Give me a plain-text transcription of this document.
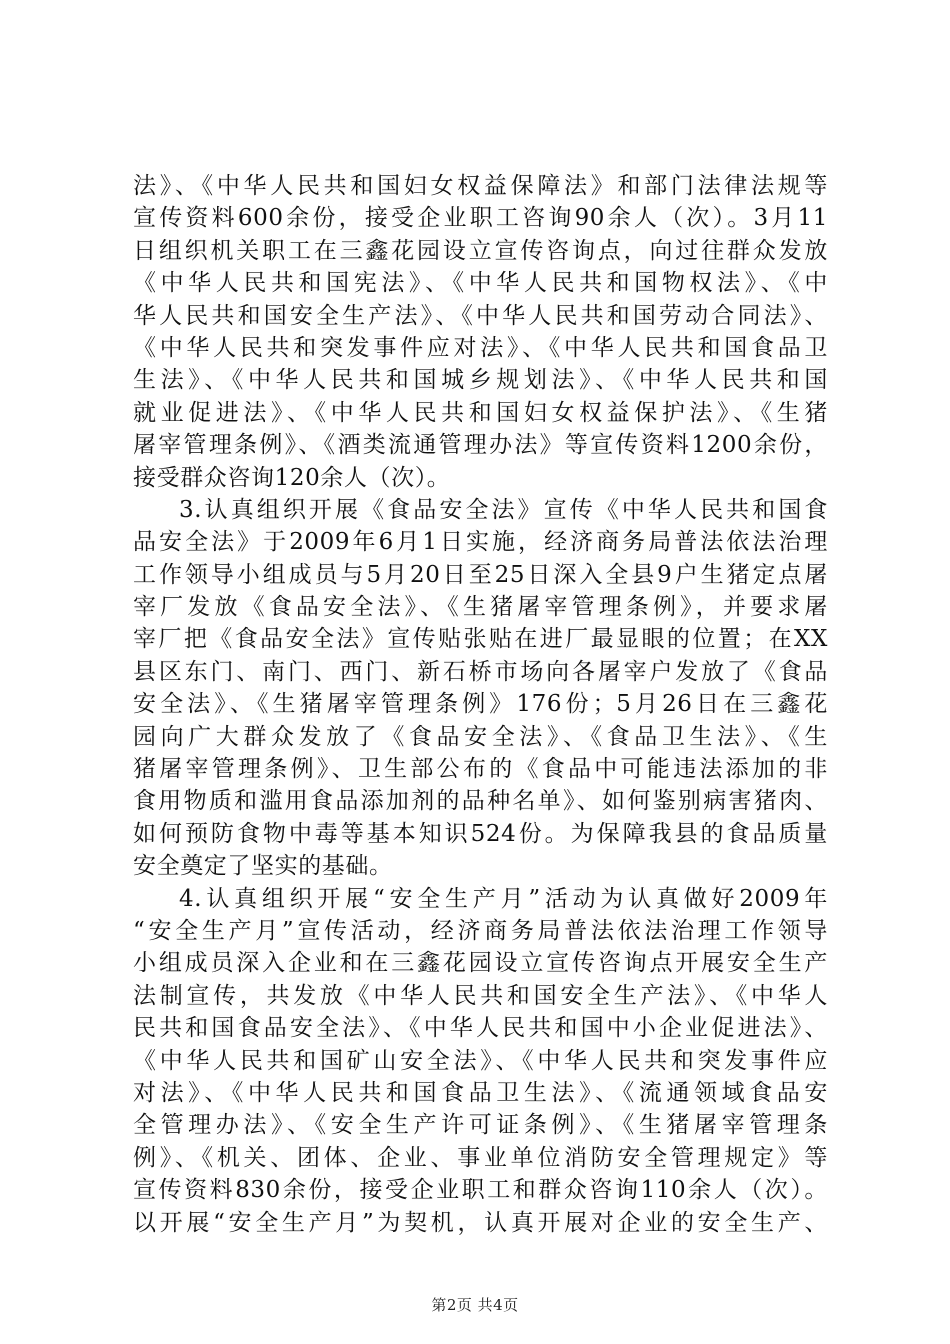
法》、《中华人民共和国妇女权益保障法》和部门法律法规等
宣传资料600余份，接受企业职工咨询90余人（次）。3月11
日组织机关职工在三鑫花园设立宣传咨询点，向过往群众发放
《中华人民共和国宪法》、《中华人民共和国物权法》、《中
华人民共和国安全生产法》、《中华人民共和国劳动合同法》、
《中华人民共和突发事件应对法》、《中华人民共和国食品卫
生法》、《中华人民共和国城乡规划法》、《中华人民共和国
就业促进法》、《中华人民共和国妇女权益保护法》、《生猪
屠宰管理条例》、《酒类流通管理办法》等宣传资料1200余份，
接受群众咨询120余人（次）。
3.认真组织开展《食品安全法》宣传《中华人民共和国食
品安全法》于2009年6月1日实施，经济商务局普法依法治理
工作领导小组成员与5月20日至25日深入全县9户生猪定点屠
宰厂发放《食品安全法》、《生猪屠宰管理条例》，并要求屠
宰厂把《食品安全法》宣传贴张贴在进厂最显眼的位置；在XX
县区东门、南门、西门、新石桥市场向各屠宰户发放了《食品
安全法》、《生猪屠宰管理条例》176份；5月26日在三鑫花
园向广大群众发放了《食品安全法》、《食品卫生法》、《生
猪屠宰管理条例》、卫生部公布的《食品中可能违法添加的非
食用物质和滥用食品添加剂的品种名单》、如何鉴别病害猪肉、
如何预防食物中毒等基本知识524份。为保障我县的食品质量
安全奠定了坚实的基础。
4.认真组织开展“安全生产月”活动为认真做好2009年
“安全生产月”宣传活动，经济商务局普法依法治理工作领导
小组成员深入企业和在三鑫花园设立宣传咨询点开展安全生产
法制宣传，共发放《中华人民共和国安全生产法》、《中华人
民共和国食品安全法》、《中华人民共和国中小企业促进法》、
《中华人民共和国矿山安全法》、《中华人民共和突发事件应
对法》、《中华人民共和国食品卫生法》、《流通领域食品安
全管理办法》、《安全生产许可证条例》、《生猪屠宰管理条
例》、《机关、团体、企业、事业单位消防安全管理规定》等
宣传资料830余份，接受企业职工和群众咨询110余人（次）。
以开展“安全生产月”为契机，认真开展对企业的安全生产、
第2页 共4页
